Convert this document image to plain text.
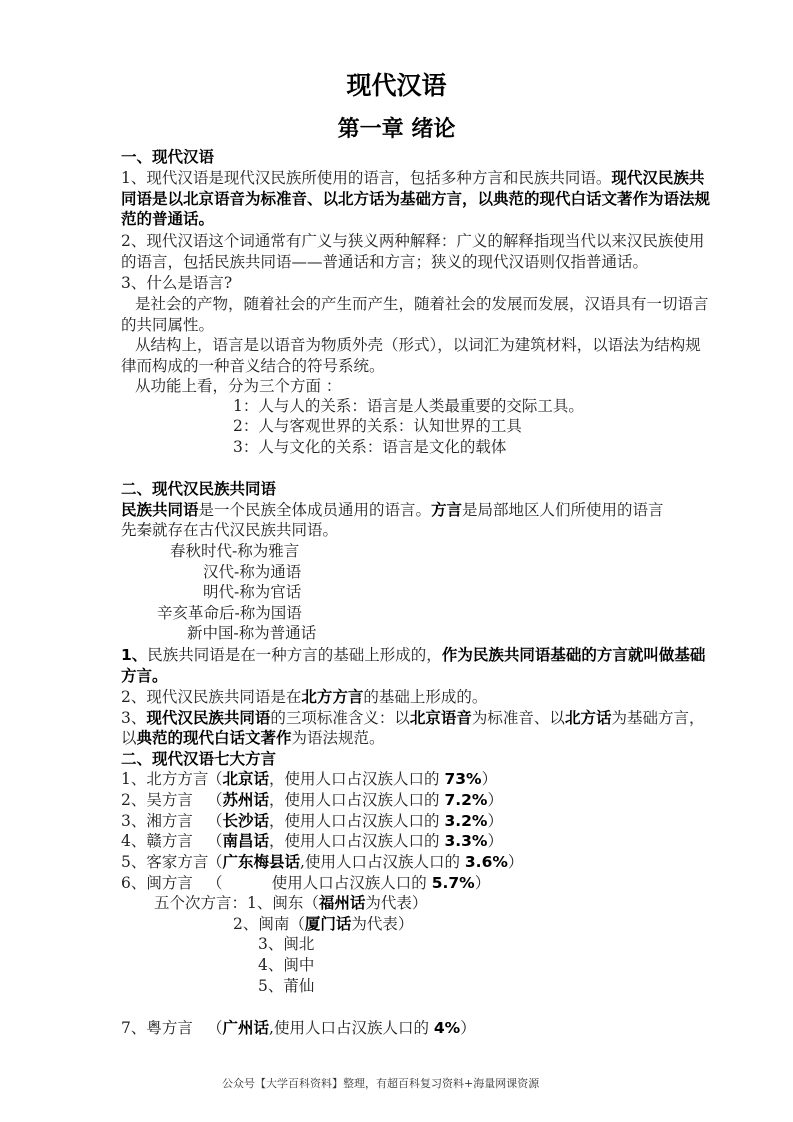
现代汉语
第一章 绪论
一、现代汉语
1、现代汉语是现代汉民族所使用的语言，包括多种方言和民族共同语。现代汉民族共
同语是以北京语音为标准音、以北方话为基础方言，以典范的现代白话文著作为语法规
范的普通话。
2、现代汉语这个词通常有广义与狭义两种解释：广义的解释指现当代以来汉民族使用
的语言，包括民族共同语——普通话和方言；狭义的现代汉语则仅指普通话。
3、什么是语言?
是社会的产物，随着社会的产生而产生，随着社会的发展而发展，汉语具有一切语言
的共同属性。
从结构上，语言是以语音为物质外壳（形式），以词汇为建筑材料，以语法为结构规
律而构成的一种音义结合的符号系统。
从功能上看，分为三个方面 ：
1：人与人的关系：语言是人类最重要的交际工具。
2：人与客观世界的关系：认知世界的工具
3：人与文化的关系：语言是文化的载体
二、现代汉民族共同语
民族共同语是一个民族全体成员通用的语言。方言是局部地区人们所使用的语言
先秦就存在古代汉民族共同语。
春秋时代-称为雅言
汉代-称为通语
明代-称为官话
辛亥革命后-称为国语
新中国-称为普通话
1、民族共同语是在一种方言的基础上形成的，作为民族共同语基础的方言就叫做基础
方言。
2、现代汉民族共同语是在北方方言的基础上形成的。
3、现代汉民族共同语的三项标准含义：以北京语音为标准音、以北方话为基础方言，
以典范的现代白话文著作为语法规范。
二、现代汉语七大方言
1、北方方言
（北京话，使用人口占汉族人口的 73%）
2、吴方言 （苏州话，使用人口占汉族人口的 7.2%）
3、湘方言 （长沙话，使用人口占汉族人口的 3.2%）
4、赣方言 （南昌话，使用人口占汉族人口的 3.3%）
5、客家方言
（广东梅县话,使用人口占汉族人口的 3.6%）
6、闽方言 （          使用人口占汉族人口的 5.7%）
五个次方言：1、闽东（福州话为代表）
2、闽南（厦门话为代表）
3、闽北
4、闽中
5、莆仙
7、粤方言 （广州话,使用人口占汉族人口的 4%）
公众号【大学百科资料】整理，有超百科复习资料+海量网课资源
